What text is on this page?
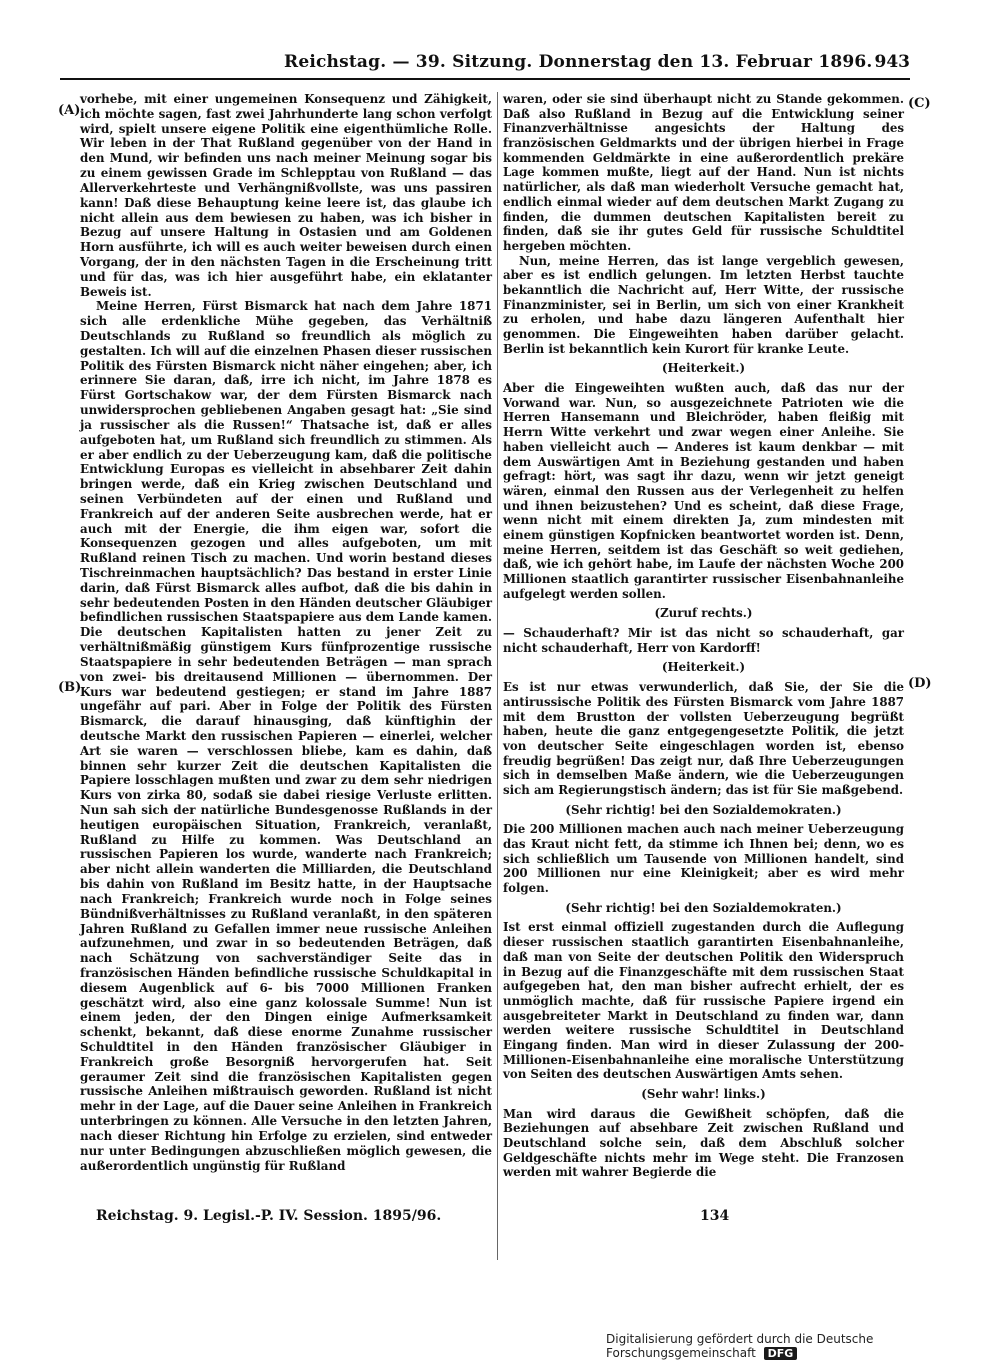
Reichstag. — 39. Sitzung. Donnerstag den 13. Februar 1896. 943
(A)
(B)
(C)
(D)

vorhebe, mit einer ungemeinen Konsequenz und Zähigkeit, ich möchte sagen, fast zwei Jahrhunderte lang schon verfolgt wird, spielt unsere eigene Politik eine eigenthümliche Rolle. Wir leben in der That Rußland gegenüber von der Hand in den Mund, wir befinden uns nach meiner Meinung sogar bis zu einem gewissen Grade im Schlepptau von Rußland — das Allerverkehrteste und Verhängnißvollste, was uns passiren kann! Daß diese Behauptung keine leere ist, das glaube ich nicht allein aus dem bewiesen zu haben, was ich bisher in Bezug auf unsere Haltung in Ostasien und am Goldenen Horn ausführte, ich will es auch weiter beweisen durch einen Vorgang, der in den nächsten Tagen in die Erscheinung tritt und für das, was ich hier ausgeführt habe, ein eklatanter Beweis ist.

Meine Herren, Fürst Bismarck hat nach dem Jahre 1871 sich alle erdenkliche Mühe gegeben, das Verhältniß Deutschlands zu Rußland so freundlich als möglich zu gestalten. Ich will auf die einzelnen Phasen dieser russischen Politik des Fürsten Bismarck nicht näher eingehen; aber, ich erinnere Sie daran, daß, irre ich nicht, im Jahre 1878 es Fürst Gortschakow war, der dem Fürsten Bismarck nach unwidersprochen gebliebenen Angaben gesagt hat: „Sie sind ja russischer als die Russen!“ Thatsache ist, daß er alles aufgeboten hat, um Rußland sich freundlich zu stimmen. Als er aber endlich zu der Ueberzeugung kam, daß die politische Entwicklung Europas es vielleicht in absehbarer Zeit dahin bringen werde, daß ein Krieg zwischen Deutschland und seinen Verbündeten auf der einen und Rußland und Frankreich auf der anderen Seite ausbrechen werde, hat er auch mit der Energie, die ihm eigen war, sofort die Konsequenzen gezogen und alles aufgeboten, um mit Rußland reinen Tisch zu machen. Und worin bestand dieses Tischreinmachen hauptsächlich? Das bestand in erster Linie darin, daß Fürst Bismarck alles aufbot, daß die bis dahin in sehr bedeutenden Posten in den Händen deutscher Gläubiger befindlichen russischen Staatspapiere aus dem Lande kamen. Die deutschen Kapitalisten hatten zu jener Zeit zu verhältnißmäßig günstigem Kurs fünfprozentige russische Staatspapiere in sehr bedeutenden Beträgen — man sprach von zwei- bis dreitausend Millionen — übernommen. Der Kurs war bedeutend gestiegen; er stand im Jahre 1887 ungefähr auf pari. Aber in Folge der Politik des Fürsten Bismarck, die darauf hinausging, daß künftighin der deutsche Markt den russischen Papieren — einerlei, welcher Art sie waren — verschlossen bliebe, kam es dahin, daß binnen sehr kurzer Zeit die deutschen Kapitalisten die Papiere losschlagen mußten und zwar zu dem sehr niedrigen Kurs von zirka 80, sodaß sie dabei riesige Verluste erlitten. Nun sah sich der natürliche Bundesgenosse Rußlands in der heutigen europäischen Situation, Frankreich, veranlaßt, Rußland zu Hilfe zu kommen. Was Deutschland an russischen Papieren los wurde, wanderte nach Frankreich; aber nicht allein wanderten die Milliarden, die Deutschland bis dahin von Rußland im Besitz hatte, in der Hauptsache nach Frankreich; Frankreich wurde noch in Folge seines Bündnißverhältnisses zu Rußland veranlaßt, in den späteren Jahren Rußland zu Gefallen immer neue russische Anleihen aufzunehmen, und zwar in so bedeutenden Beträgen, daß nach Schätzung von sachverständiger Seite das in französischen Händen befindliche russische Schuldkapital in diesem Augenblick auf 6- bis 7000 Millionen Franken geschätzt wird, also eine ganz kolossale Summe! Nun ist einem jeden, der den Dingen einige Aufmerksamkeit schenkt, bekannt, daß diese enorme Zunahme russischer Schuldtitel in den Händen französischer Gläubiger in Frankreich große Besorgniß hervorgerufen hat. Seit geraumer Zeit sind die französischen Kapitalisten gegen russische Anleihen mißtrauisch geworden. Rußland ist nicht mehr in der Lage, auf die Dauer seine Anleihen in Frankreich unterbringen zu können. Alle Versuche in den letzten Jahren, nach dieser Richtung hin Erfolge zu erzielen, sind entweder nur unter Bedingungen abzuschließen möglich gewesen, die außerordentlich ungünstig für Rußland

waren, oder sie sind überhaupt nicht zu Stande gekommen. Daß also Rußland in Bezug auf die Entwicklung seiner Finanzverhältnisse angesichts der Haltung des französischen Geldmarkts und der übrigen hierbei in Frage kommenden Geldmärkte in eine außerordentlich prekäre Lage kommen mußte, liegt auf der Hand. Nun ist nichts natürlicher, als daß man wiederholt Versuche gemacht hat, endlich einmal wieder auf dem deutschen Markt Zugang zu finden, die dummen deutschen Kapitalisten bereit zu finden, daß sie ihr gutes Geld für russische Schuldtitel hergeben möchten.

Nun, meine Herren, das ist lange vergeblich gewesen, aber es ist endlich gelungen. Im letzten Herbst tauchte bekanntlich die Nachricht auf, Herr Witte, der russische Finanzminister, sei in Berlin, um sich von einer Krankheit zu erholen, und habe dazu längeren Aufenthalt hier genommen. Die Eingeweihten haben darüber gelacht. Berlin ist bekanntlich kein Kurort für kranke Leute.

(Heiterkeit.)

Aber die Eingeweihten wußten auch, daß das nur der Vorwand war. Nun, so ausgezeichnete Patrioten wie die Herren Hansemann und Bleichröder, haben fleißig mit Herrn Witte verkehrt und zwar wegen einer Anleihe. Sie haben vielleicht auch — Anderes ist kaum denkbar — mit dem Auswärtigen Amt in Beziehung gestanden und haben gefragt: hört, was sagt ihr dazu, wenn wir jetzt geneigt wären, einmal den Russen aus der Verlegenheit zu helfen und ihnen beizustehen? Und es scheint, daß diese Frage, wenn nicht mit einem direkten Ja, zum mindesten mit einem günstigen Kopfnicken beantwortet worden ist. Denn, meine Herren, seitdem ist das Geschäft so weit gediehen, daß, wie ich gehört habe, im Laufe der nächsten Woche 200 Millionen staatlich garantirter russischer Eisenbahnanleihe aufgelegt werden sollen.

(Zuruf rechts.)

— Schauderhaft? Mir ist das nicht so schauderhaft, gar nicht schauderhaft, Herr von Kardorff!

(Heiterkeit.)

Es ist nur etwas verwunderlich, daß Sie, der Sie die antirussische Politik des Fürsten Bismarck vom Jahre 1887 mit dem Brustton der vollsten Ueberzeugung begrüßt haben, heute die ganz entgegengesetzte Politik, die jetzt von deutscher Seite eingeschlagen worden ist, ebenso freudig begrüßen! Das zeigt nur, daß Ihre Ueberzeugungen sich in demselben Maße ändern, wie die Ueberzeugungen sich am Regierungstisch ändern; das ist für Sie maßgebend.

(Sehr richtig! bei den Sozialdemokraten.)

Die 200 Millionen machen auch nach meiner Ueberzeugung das Kraut nicht fett, da stimme ich Ihnen bei; denn, wo es sich schließlich um Tausende von Millionen handelt, sind 200 Millionen nur eine Kleinigkeit; aber es wird mehr folgen.

(Sehr richtig! bei den Sozialdemokraten.)

Ist erst einmal offiziell zugestanden durch die Auflegung dieser russischen staatlich garantirten Eisenbahnanleihe, daß man von Seite der deutschen Politik den Widerspruch in Bezug auf die Finanzgeschäfte mit dem russischen Staat aufgegeben hat, den man bisher aufrecht erhielt, der es unmöglich machte, daß für russische Papiere irgend ein ausgebreiteter Markt in Deutschland zu finden war, dann werden weitere russische Schuldtitel in Deutschland Eingang finden. Man wird in dieser Zulassung der 200-Millionen-Eisenbahnanleihe eine moralische Unterstützung von Seiten des deutschen Auswärtigen Amts sehen.

(Sehr wahr! links.)

Man wird daraus die Gewißheit schöpfen, daß die Beziehungen auf absehbare Zeit zwischen Rußland und Deutschland solche sein, daß dem Abschluß solcher Geldgeschäfte nichts mehr im Wege steht. Die Franzosen werden mit wahrer Begierde die

Reichstag. 9. Legisl.-P. IV. Session. 1895/96.	134
Digitalisierung gefördert durch die Deutsche Forschungsgemeinschaft DFG
